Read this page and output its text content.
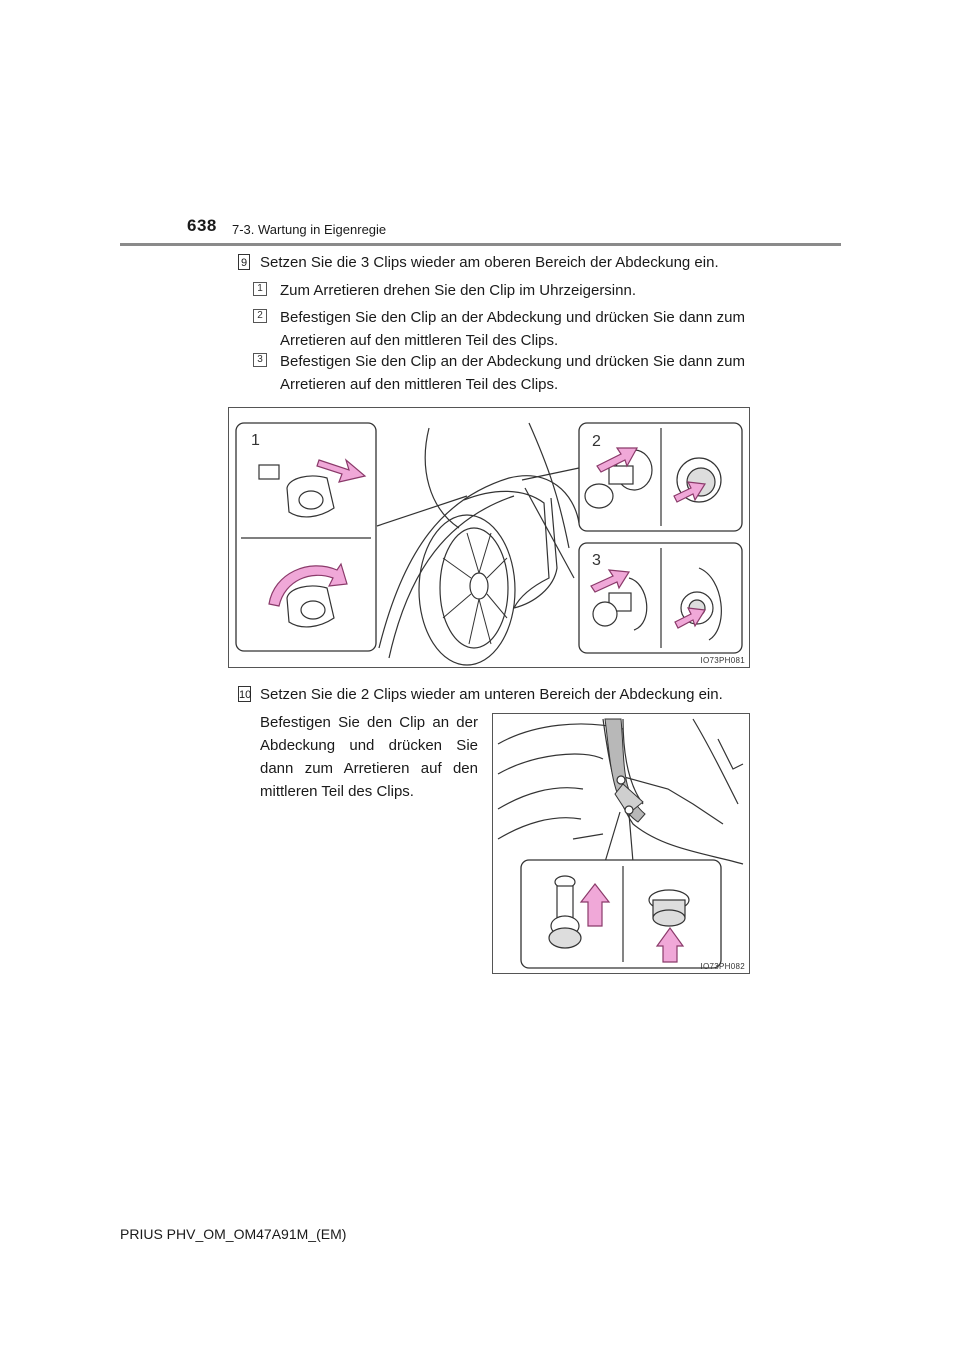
638 7-3. Wartung in Eigenregie
9 Setzen Sie die 3 Clips wieder am oberen Bereich der Abdeckung ein.
1 Zum Arretieren drehen Sie den Clip im Uhrzeigersinn.
2 Befestigen Sie den Clip an der Abdeckung und drücken Sie dann zum Arretieren auf den mittleren Teil des Clips.
3 Befestigen Sie den Clip an der Abdeckung und drücken Sie dann zum Arretieren auf den mittleren Teil des Clips.
1	2
3
IO73PH081
10 Setzen Sie die 2 Clips wieder am unteren Bereich der Abdeckung ein.
Befestigen Sie den Clip an der Abdeckung und drücken Sie dann zum Arretieren auf den mittleren Teil des Clips.
IO73PH082
PRIUS PHV_OM_OM47A91M_(EM)
